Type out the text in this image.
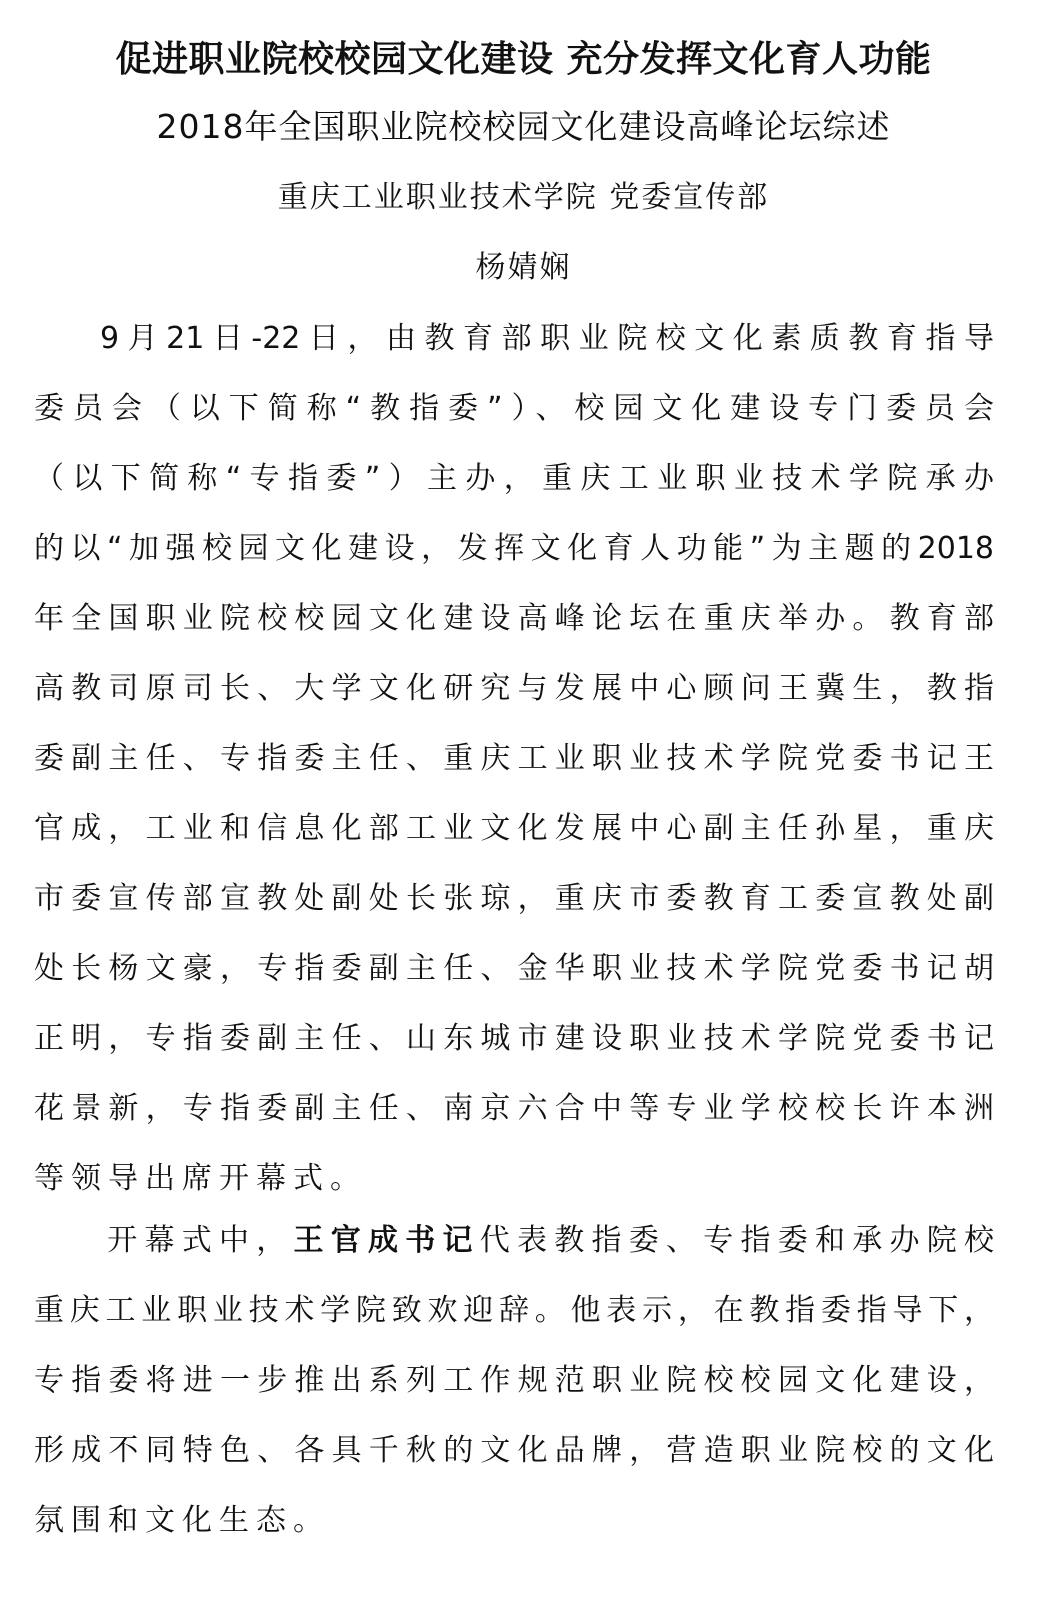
促进职业院校校园文化建设 充分发挥文化育人功能
2018年全国职业院校校园文化建设高峰论坛综述
重庆工业职业技术学院 党委宣传部
杨婧娴
9月21日-22日，由教育部职业院校文化素质教育指导
委员会（以下简称“教指委”）、校园文化建设专门委员会
（以下简称“专指委”）主办，重庆工业职业技术学院承办
的以“加强校园文化建设，发挥文化育人功能”为主题的2018
年全国职业院校校园文化建设高峰论坛在重庆举办。教育部
高教司原司长、大学文化研究与发展中心顾问王冀生，教指
委副主任、专指委主任、重庆工业职业技术学院党委书记王
官成，工业和信息化部工业文化发展中心副主任孙星，重庆
市委宣传部宣教处副处长张琼，重庆市委教育工委宣教处副
处长杨文豪，专指委副主任、金华职业技术学院党委书记胡
正明，专指委副主任、山东城市建设职业技术学院党委书记
花景新，专指委副主任、南京六合中等专业学校校长许本洲
等领导出席开幕式。
开幕式中，王官成书记代表教指委、专指委和承办院校
重庆工业职业技术学院致欢迎辞。他表示，在教指委指导下，
专指委将进一步推出系列工作规范职业院校校园文化建设，
形成不同特色、各具千秋的文化品牌，营造职业院校的文化
氛围和文化生态。
